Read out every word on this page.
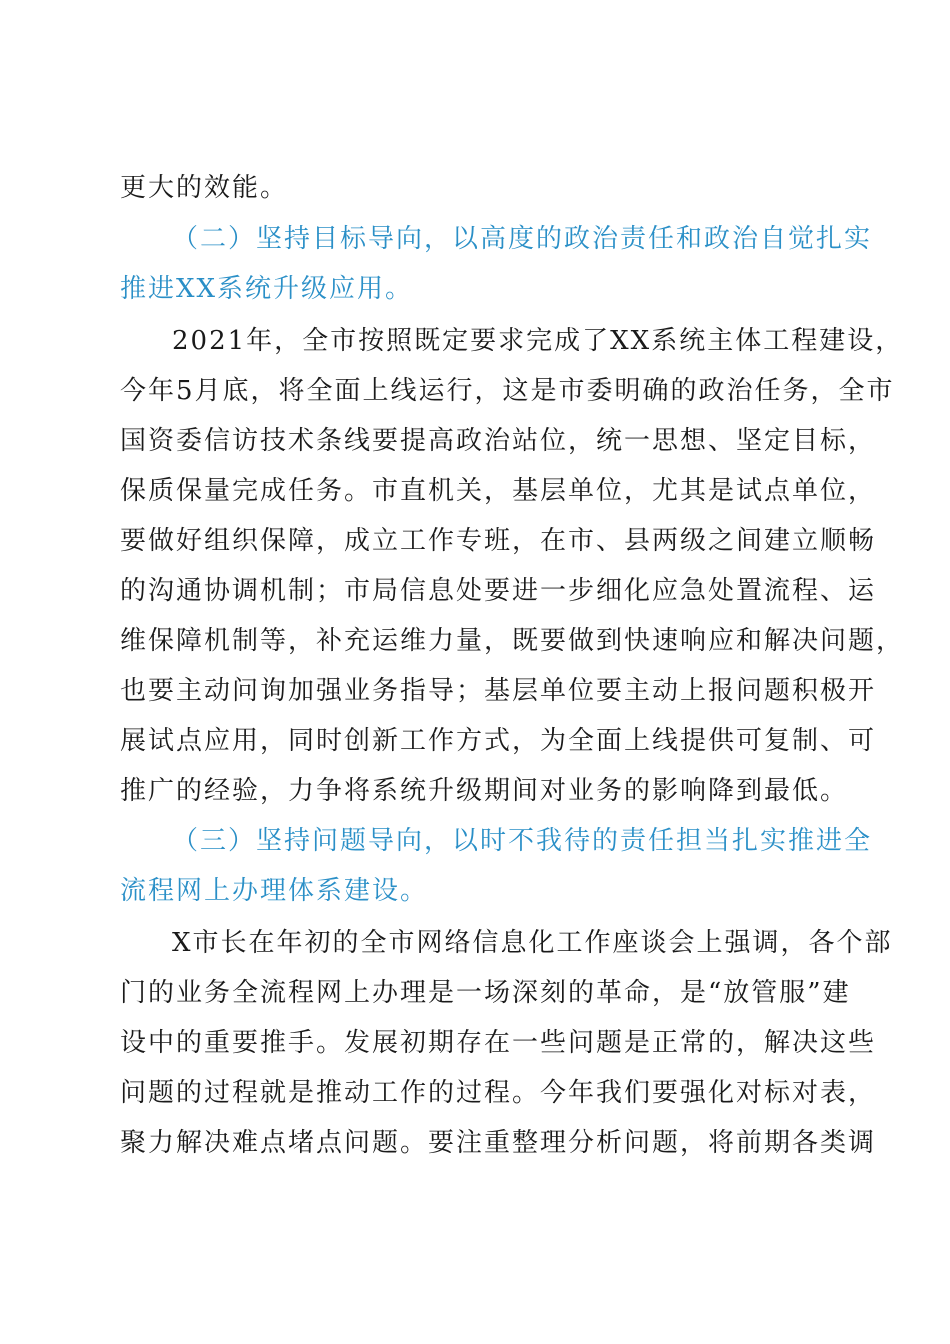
更大的效能。
（二）坚持目标导向，以高度的政治责任和政治自觉扎实
推进XX系统升级应用。
2021年，全市按照既定要求完成了XX系统主体工程建设，
今年5月底，将全面上线运行，这是市委明确的政治任务，全市
国资委信访技术条线要提高政治站位，统一思想、坚定目标，
保质保量完成任务。市直机关，基层单位，尤其是试点单位，
要做好组织保障，成立工作专班，在市、县两级之间建立顺畅
的沟通协调机制；市局信息处要进一步细化应急处置流程、运
维保障机制等，补充运维力量，既要做到快速响应和解决问题，
也要主动问询加强业务指导；基层单位要主动上报问题积极开
展试点应用，同时创新工作方式，为全面上线提供可复制、可
推广的经验，力争将系统升级期间对业务的影响降到最低。
（三）坚持问题导向，以时不我待的责任担当扎实推进全
流程网上办理体系建设。
X市长在年初的全市网络信息化工作座谈会上强调，各个部
门的业务全流程网上办理是一场深刻的革命，是“放管服”建
设中的重要推手。发展初期存在一些问题是正常的，解决这些
问题的过程就是推动工作的过程。今年我们要强化对标对表，
聚力解决难点堵点问题。要注重整理分析问题，将前期各类调
